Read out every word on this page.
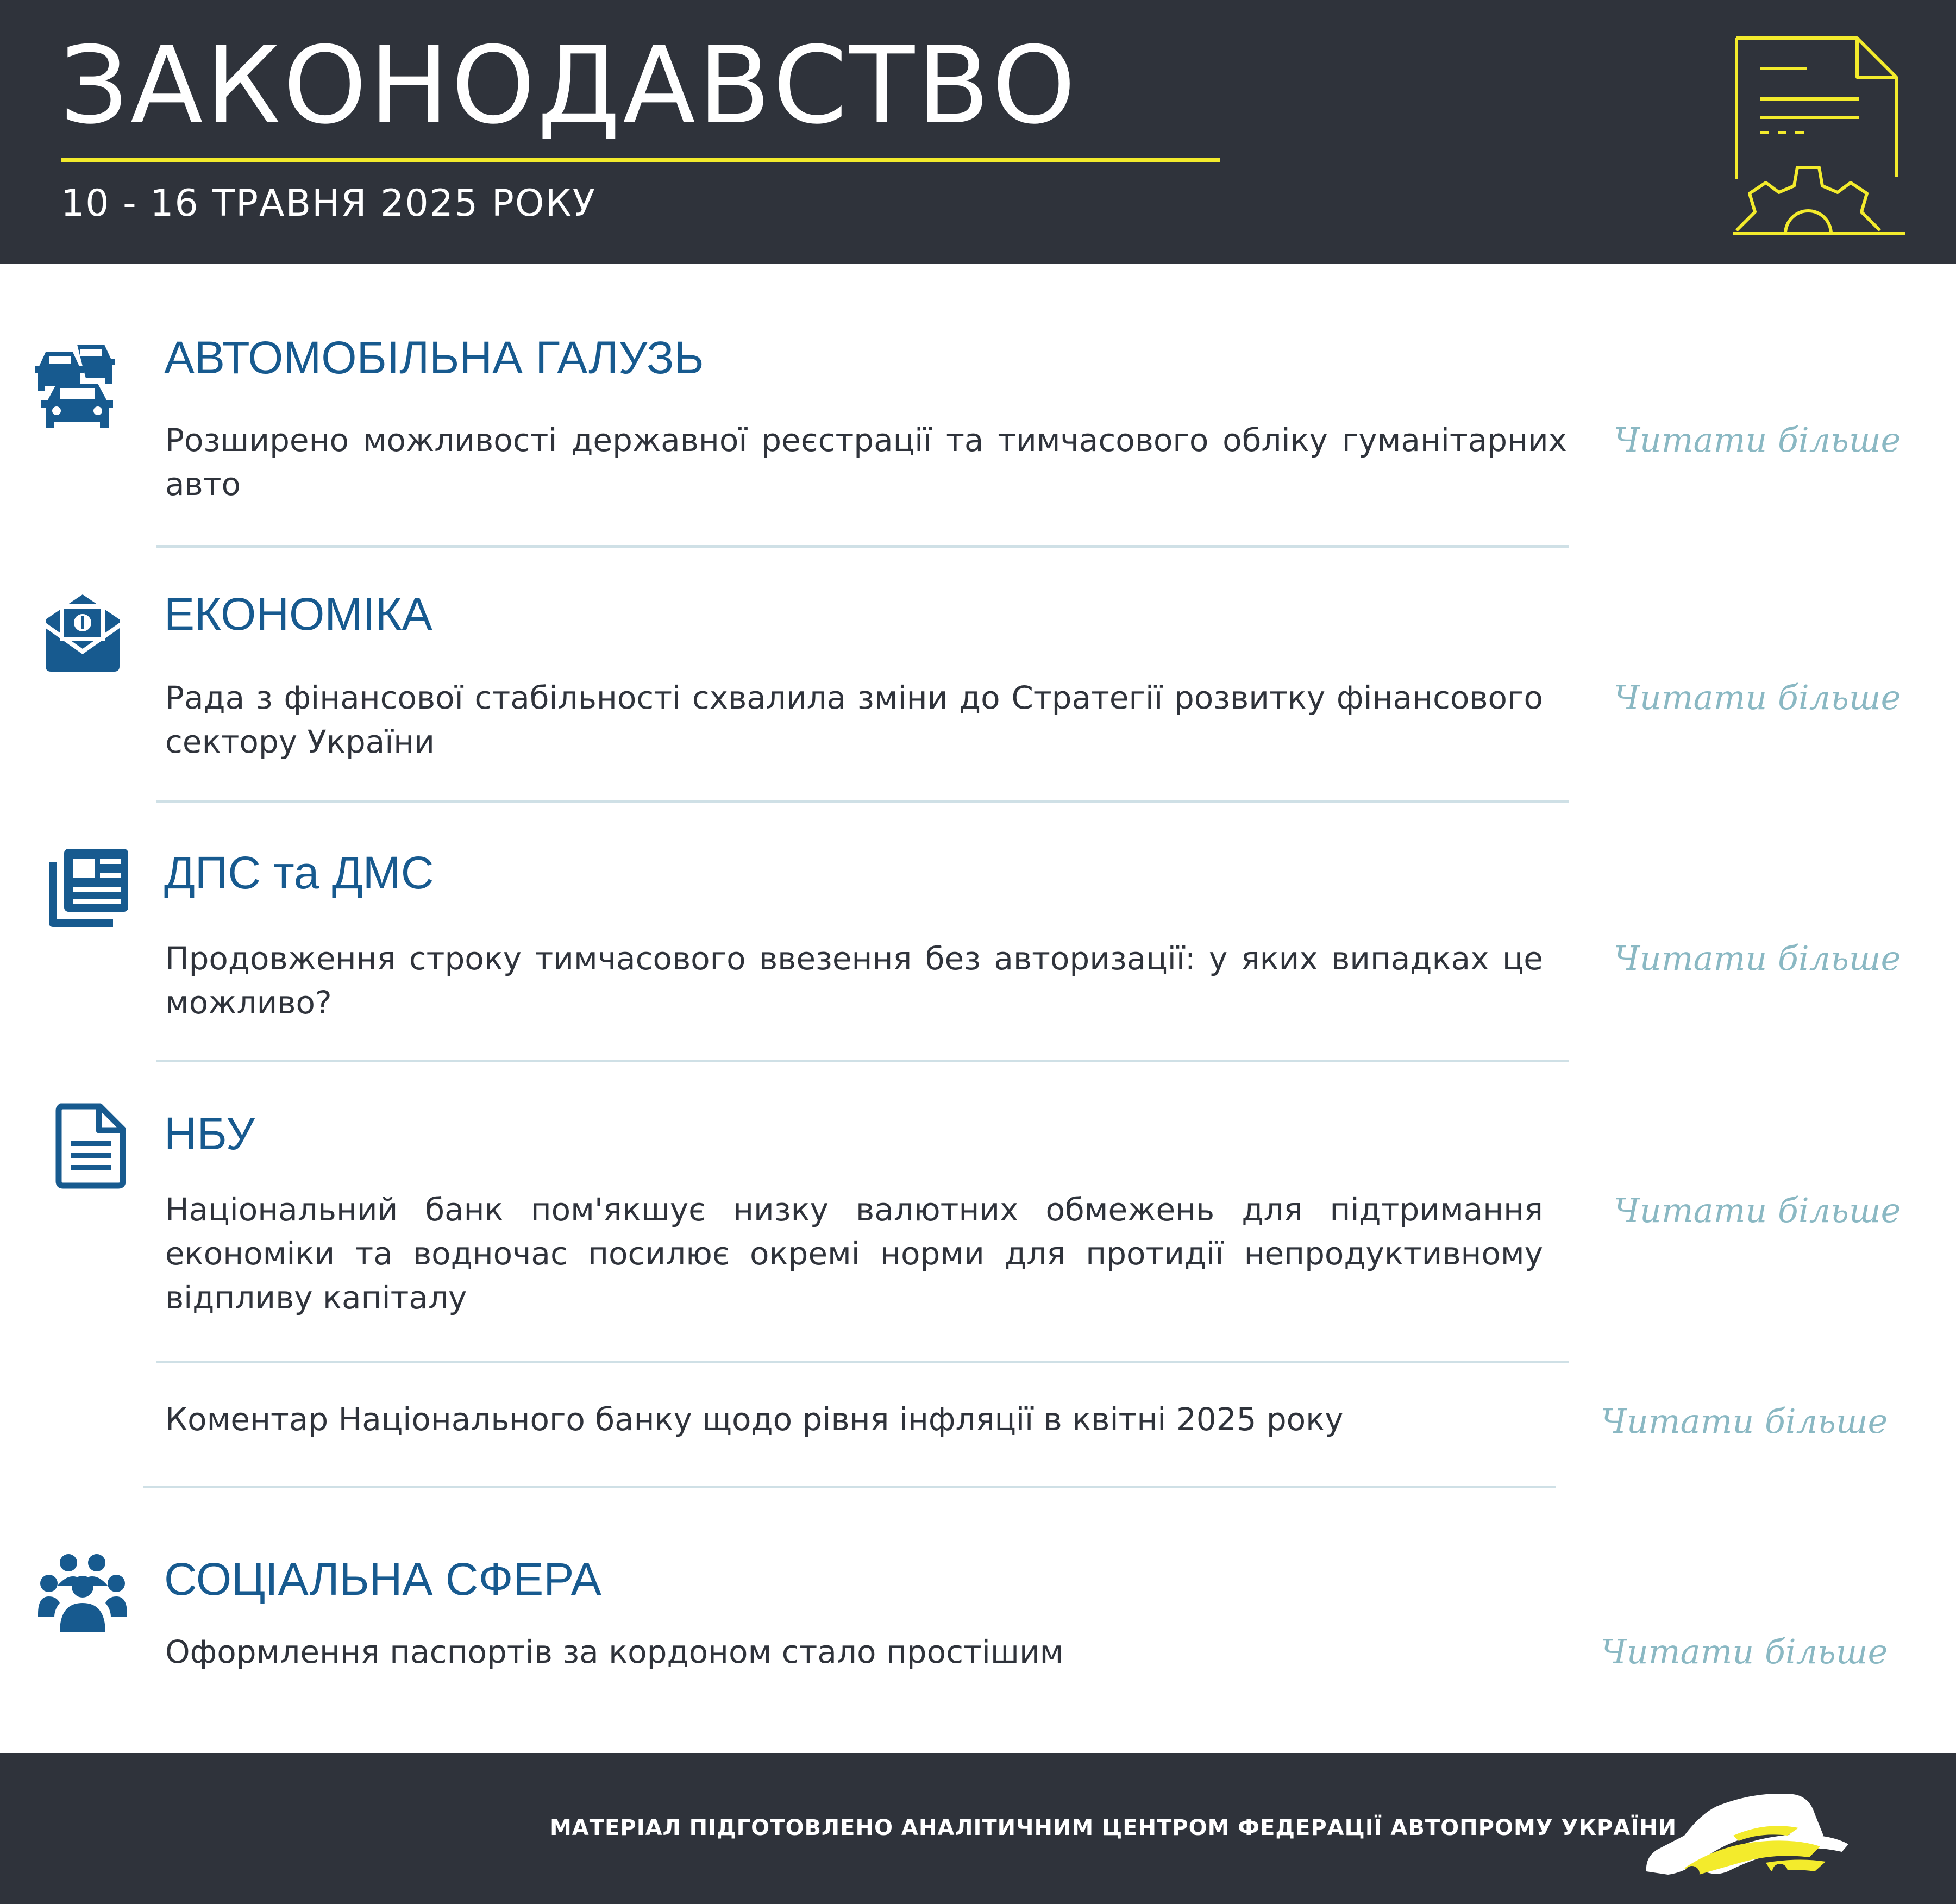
ЗАКОНОДАВСТВО
10 - 16 ТРАВНЯ 2025 РОКУ
АВТОМОБІЛЬНА ГАЛУЗЬ
Розширено можливості державної реєстрації та тимчасового обліку гуманітарних авто
Читати більше
ЕКОНОМІКА
Рада з фінансової стабільності схвалила зміни до Стратегії розвитку фінансового сектору України
Читати більше
ДПС та ДМС
Продовження строку тимчасового ввезення без авторизації: у яких випадках це можливо?
Читати більше
НБУ
Національний банк пом'якшує низку валютних обмежень для підтримання економіки та водночас посилює окремі норми для протидії непродуктивному відпливу капіталу
Читати більше
Коментар Національного банку щодо рівня інфляції в квітні 2025 року	Читати більше
СОЦІАЛЬНА СФЕРА
Оформлення паспортів за кордоном стало простішим	Читати більше
МАТЕРІАЛ ПІДГОТОВЛЕНО АНАЛІТИЧНИМ ЦЕНТРОМ ФЕДЕРАЦІЇ АВТОПРОМУ УКРАЇНИ
